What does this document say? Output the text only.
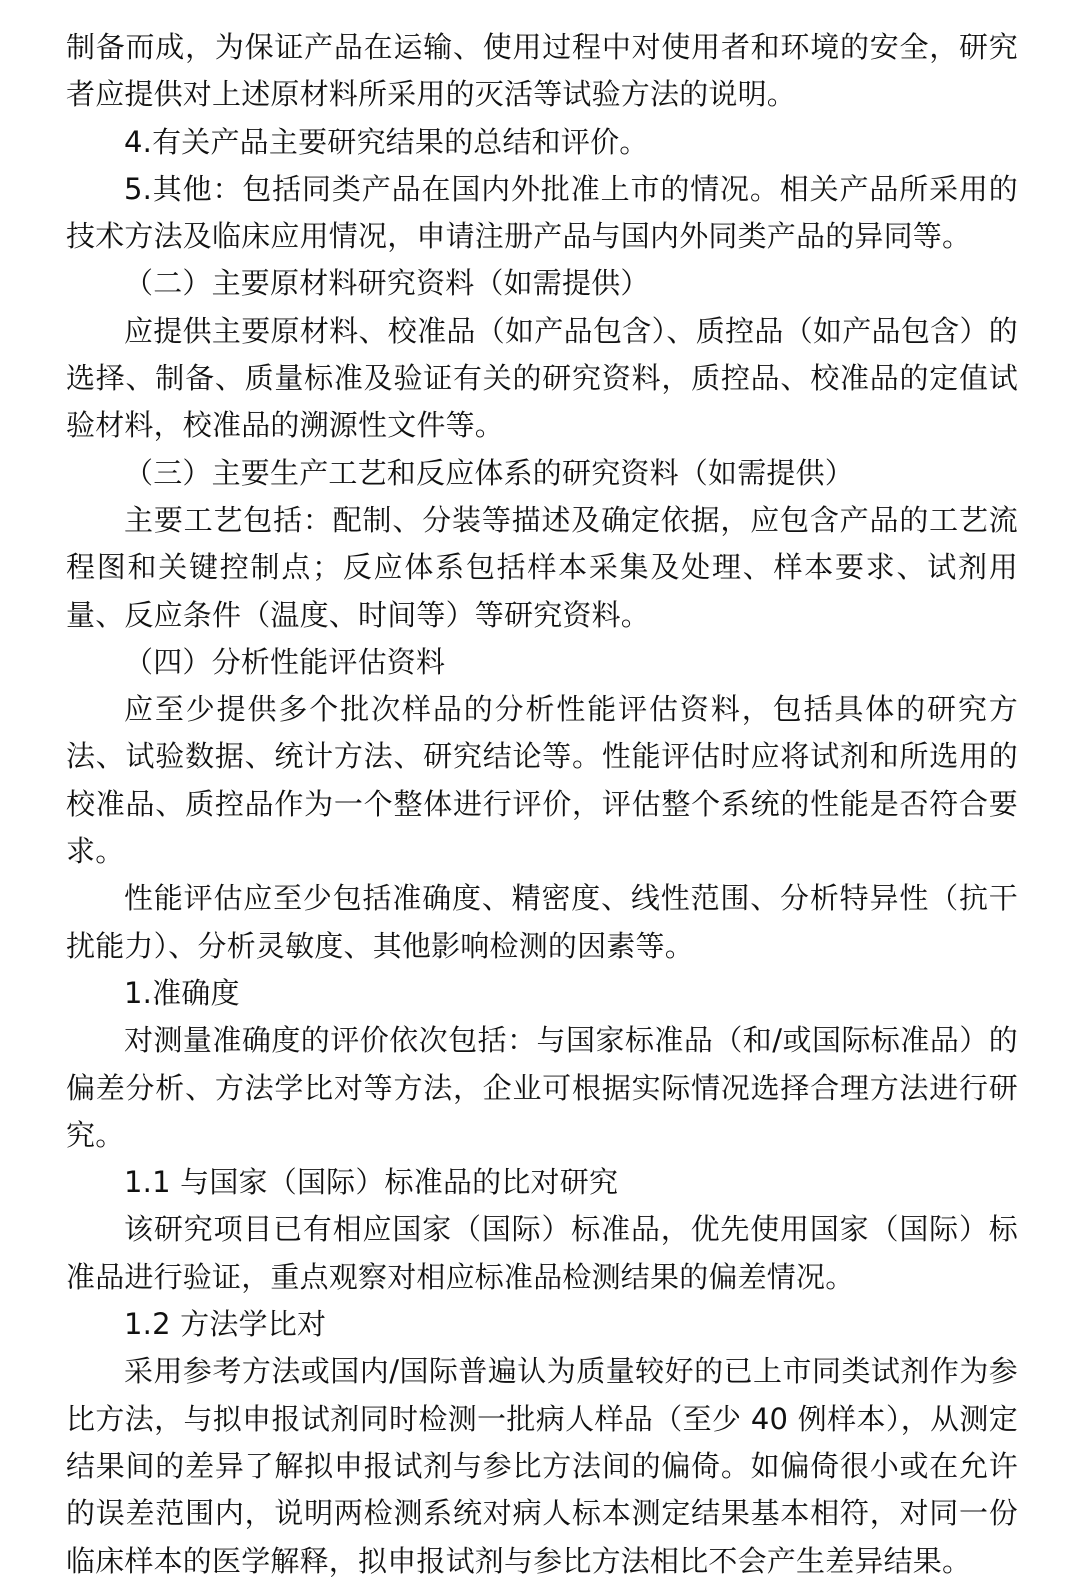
制备而成，为保证产品在运输、使用过程中对使用者和环境的安全，研究者应提供对上述原材料所采用的灭活等试验方法的说明。

4.有关产品主要研究结果的总结和评价。

5.其他：包括同类产品在国内外批准上市的情况。相关产品所采用的技术方法及临床应用情况，申请注册产品与国内外同类产品的异同等。

（二）主要原材料研究资料（如需提供）

应提供主要原材料、校准品（如产品包含）、质控品（如产品包含）的选择、制备、质量标准及验证有关的研究资料，质控品、校准品的定值试验材料，校准品的溯源性文件等。

（三）主要生产工艺和反应体系的研究资料（如需提供）

主要工艺包括：配制、分装等描述及确定依据，应包含产品的工艺流程图和关键控制点；反应体系包括样本采集及处理、样本要求、试剂用量、反应条件（温度、时间等）等研究资料。

（四）分析性能评估资料

应至少提供多个批次样品的分析性能评估资料，包括具体的研究方法、试验数据、统计方法、研究结论等。性能评估时应将试剂和所选用的校准品、质控品作为一个整体进行评价，评估整个系统的性能是否符合要求。

性能评估应至少包括准确度、精密度、线性范围、分析特异性（抗干扰能力）、分析灵敏度、其他影响检测的因素等。

1.准确度

对测量准确度的评价依次包括：与国家标准品（和/或国际标准品）的偏差分析、方法学比对等方法，企业可根据实际情况选择合理方法进行研究。

1.1 与国家（国际）标准品的比对研究

该研究项目已有相应国家（国际）标准品，优先使用国家（国际）标准品进行验证，重点观察对相应标准品检测结果的偏差情况。

1.2 方法学比对

采用参考方法或国内/国际普遍认为质量较好的已上市同类试剂作为参比方法，与拟申报试剂同时检测一批病人样品（至少 40 例样本），从测定结果间的差异了解拟申报试剂与参比方法间的偏倚。如偏倚很小或在允许的误差范围内，说明两检测系统对病人标本测定结果基本相符，对同一份临床样本的医学解释，拟申报试剂与参比方法相比不会产生差异结果。
